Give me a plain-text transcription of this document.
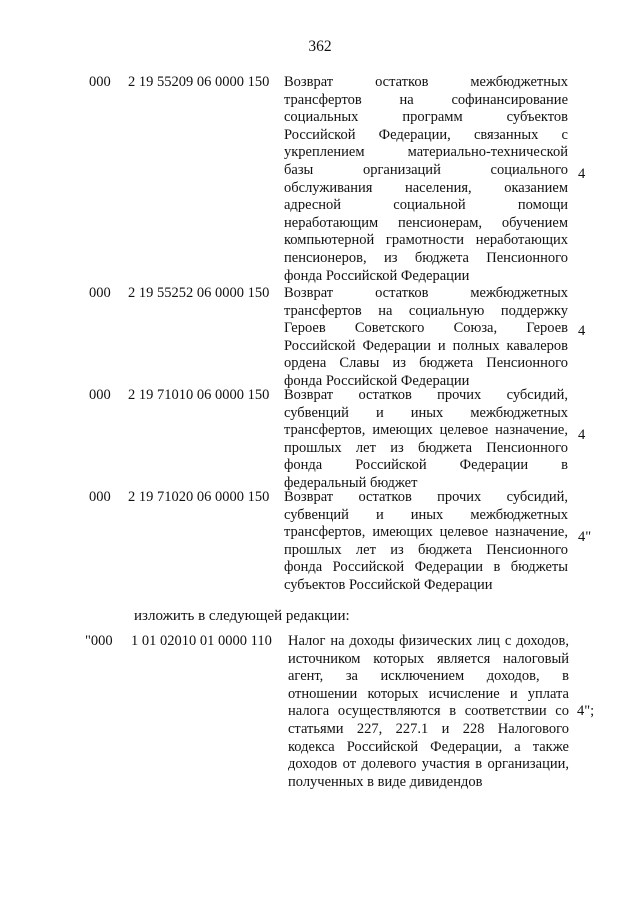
362
000 2 19 55209 06 0000 150 Возврат остатков межбюджетных
трансфертов на софинансирование
социальных программ субъектов
Российской Федерации, связанных с
укреплением материально-технической
базы организаций социального
обслуживания населения, оказанием
адресной социальной помощи
неработающим пенсионерам, обучением
компьютерной грамотности неработающих
пенсионеров, из бюджета Пенсионного
фонда Российской Федерации
4
000 2 19 55252 06 0000 150 Возврат остатков межбюджетных
трансфертов на социальную поддержку
Героев Советского Союза, Героев
Российской Федерации и полных кавалеров
ордена Славы из бюджета Пенсионного
фонда Российской Федерации
4
000 2 19 71010 06 0000 150 Возврат остатков прочих субсидий,
субвенций и иных межбюджетных
трансфертов, имеющих целевое назначение,
прошлых лет из бюджета Пенсионного
фонда Российской Федерации в
федеральный бюджет
4
000 2 19 71020 06 0000 150 Возврат остатков прочих субсидий,
субвенций и иных межбюджетных
трансфертов, имеющих целевое назначение,
прошлых лет из бюджета Пенсионного
фонда Российской Федерации в бюджеты
субъектов Российской Федерации
4"
изложить в следующей редакции:
"000 1 01 02010 01 0000 110 Налог на доходы физических лиц с доходов,
источником которых является налоговый
агент, за исключением доходов, в
отношении которых исчисление и уплата
налога осуществляются в соответствии со
статьями 227, 227.1 и 228 Налогового
кодекса Российской Федерации, а также
доходов от долевого участия в организации,
полученных в виде дивидендов
4";
